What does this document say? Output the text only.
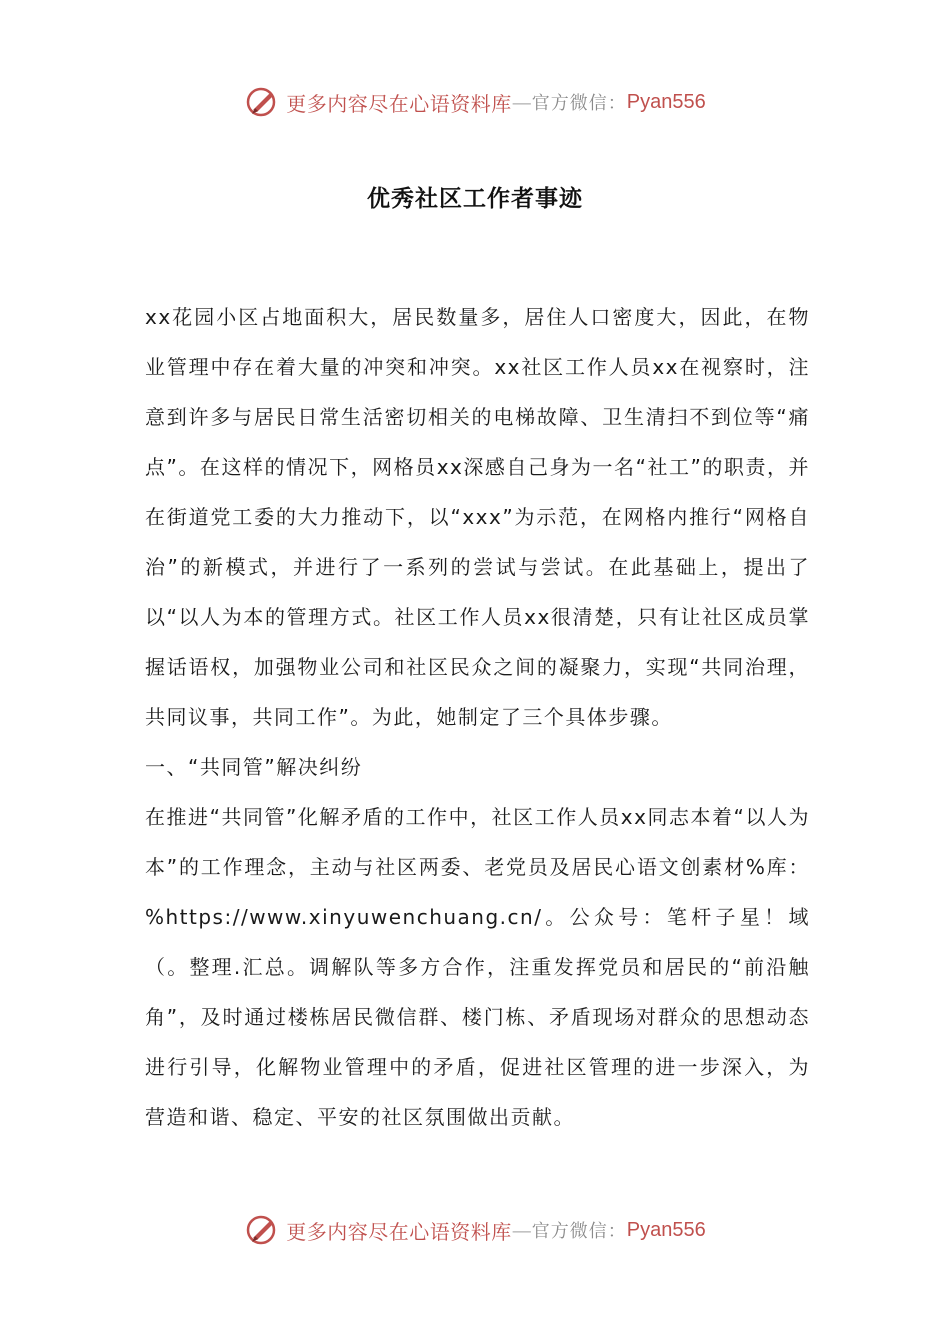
更多内容尽在心语资料库 — 官方微信： Pyan556
优秀社区工作者事迹

xx花园小区占地面积大，居民数量多，居住人口密度大，因此，在物业管理中存在着大量的冲突和冲突。xx社区工作人员xx在视察时，注意到许多与居民日常生活密切相关的电梯故障、卫生清扫不到位等“痛点”。在这样的情况下，网格员xx深感自己身为一名“社工”的职责，并在街道党工委的大力推动下，以“xxx”为示范，在网格内推行“网格自治”的新模式，并进行了一系列的尝试与尝试。在此基础上，提出了以“以人为本的管理方式。社区工作人员xx很清楚，只有让社区成员掌握话语权，加强物业公司和社区民众之间的凝聚力，实现“共同治理，共同议事，共同工作”。为此，她制定了三个具体步骤。

一、“共同管”解决纠纷

在推进“共同管”化解矛盾的工作中，社区工作人员xx同志本着“以人为本”的工作理念，主动与社区两委、老党员及居民心语文创素材%库：%https://www.xinyuwenchuang.cn/。公众号：笔杆子星！域（。整理.汇总。调解队等多方合作，注重发挥党员和居民的“前沿触角”，及时通过楼栋居民微信群、楼门栋、矛盾现场对群众的思想动态进行引导，化解物业管理中的矛盾，促进社区管理的进一步深入，为营造和谐、稳定、平安的社区氛围做出贡献。

更多内容尽在心语资料库 — 官方微信： Pyan556
